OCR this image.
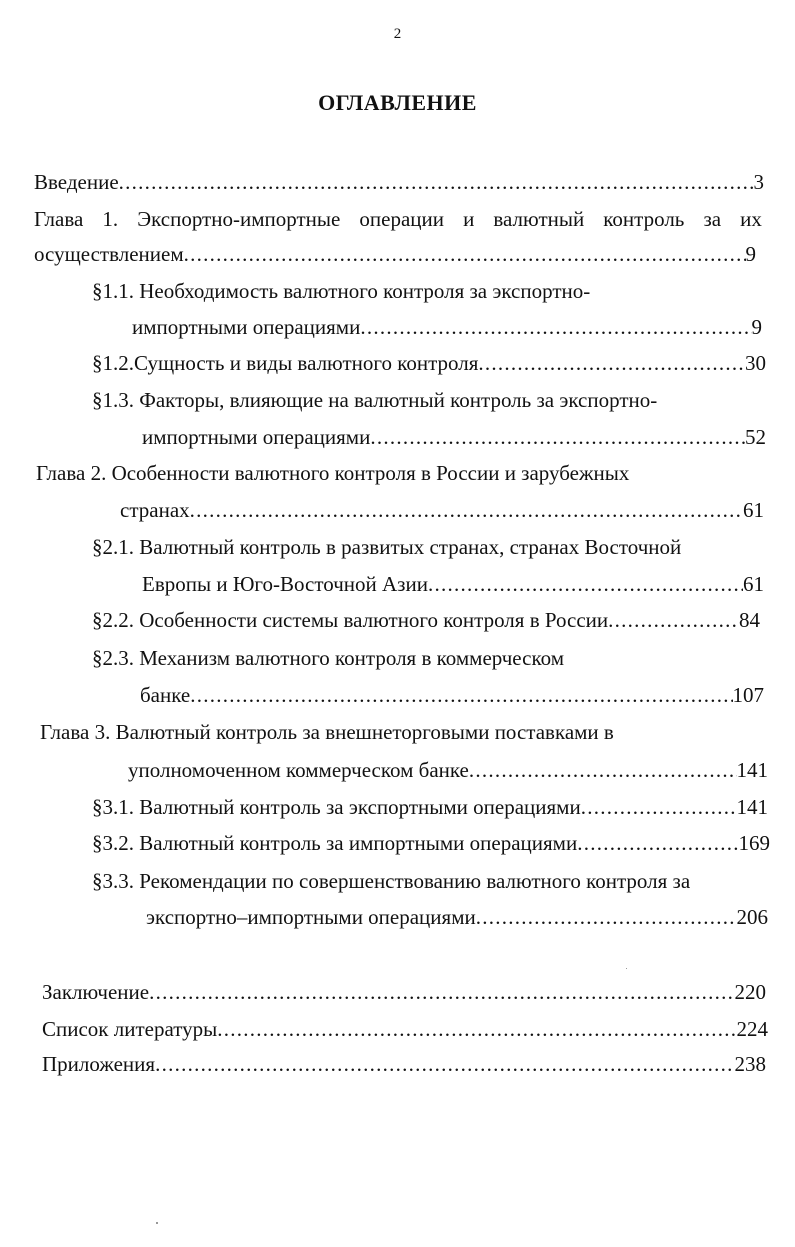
2
ОГЛАВЛЕНИЕ
Введение . . .	3
Глава 1. Экспортно-импортные операции и валютный контроль за их
осуществлением . . .	9
§1.1. Необходимость валютного контроля за экспортно-
импортными операциями . . .	9
§1.2.Сущность и виды валютного контроля . . .	30
§1.3. Факторы, влияющие на валютный контроль за экспортно-
импортными операциями . . .	52
Глава 2. Особенности валютного контроля в России и зарубежных
странах . . .	61
§2.1. Валютный контроль в развитых странах, странах Восточной
Европы и Юго-Восточной Азии . . .	61
§2.2. Особенности системы валютного контроля в России . . .	84
§2.3. Механизм валютного контроля в коммерческом
банке . . .	107
Глава 3. Валютный контроль за внешнеторговыми поставками в
уполномоченном коммерческом банке . . .	141
§3.1. Валютный контроль за экспортными операциями . . .	141
§3.2. Валютный контроль за импортными операциями . . .	169
§3.3. Рекомендации по совершенствованию валютного контроля за
экспортно–импортными операциями . . .	206
Заключение . . .	220
Список литературы . . .	224
Приложения . . .	238
